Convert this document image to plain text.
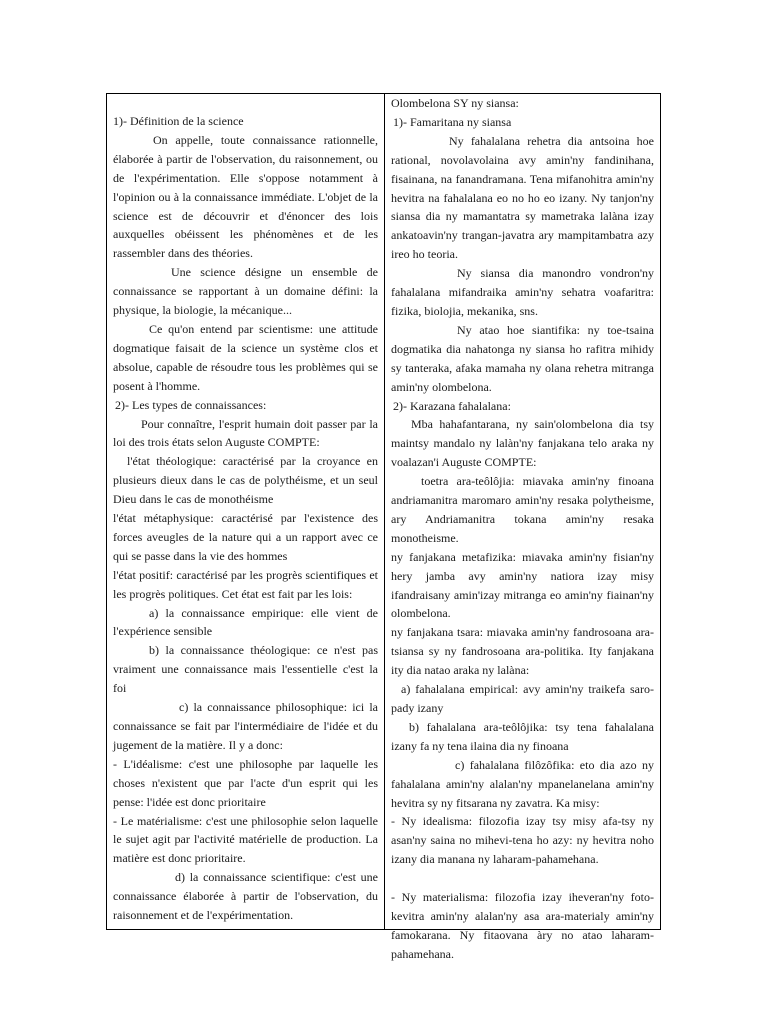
1)- Définition de la science

On appelle, toute connaissance rationnelle, élaborée à partir de l'observation, du raisonnement, ou de l'expérimentation. Elle s'oppose notamment à l'opinion ou à la connaissance immédiate. L'objet de la science est de découvrir et d'énoncer des lois auxquelles obéissent les phénomènes et de les rassembler dans des théories.

Une science désigne un ensemble de connaissance se rapportant à un domaine défini: la physique, la biologie, la mécanique...

Ce qu'on entend par scientisme: une attitude dogmatique faisait de la science un système clos et absolue, capable de résoudre tous les problèmes qui se posent à l'homme.

2)- Les types de connaissances:

Pour connaître, l'esprit humain doit passer par la loi des trois états selon Auguste COMPTE:

l'état théologique: caractérisé par la croyance en plusieurs dieux dans le cas de polythéisme, et un seul Dieu dans le cas de monothéisme

l'état métaphysique: caractérisé par l'existence des forces aveugles de la nature qui a un rapport avec ce qui se passe dans la vie des hommes

l'état positif: caractérisé par les progrès scientifiques et les progrès politiques. Cet état est fait par les lois:

a) la connaissance empirique: elle vient de l'expérience sensible

b) la connaissance théologique: ce n'est pas vraiment une connaissance mais l'essentielle c'est la foi

c) la connaissance philosophique: ici la connaissance se fait par l'intermédiaire de l'idée et du jugement de la matière. Il y a donc:

- L'idéalisme: c'est une philosophe par laquelle les choses n'existent que par l'acte d'un esprit qui les pense: l'idée est donc prioritaire

- Le matérialisme: c'est une philosophie selon laquelle le sujet agit par l'activité matérielle de production. La matière est donc prioritaire.

d) la connaissance scientifique: c'est une connaissance élaborée à partir de l'observation, du raisonnement et de l'expérimentation.

Olombelona SY ny siansa:

1)- Famaritana ny siansa

Ny fahalalana rehetra dia antsoina hoe rational, novolavolaina avy amin'ny fandinihana, fisainana, na fanandramana. Tena mifanohitra amin'ny hevitra na fahalalana eo no ho eo izany. Ny tanjon'ny siansa dia ny mamantatra sy mametraka lalàna izay ankatoavin'ny trangan-javatra ary mampitambatra azy ireo ho teoria.

Ny siansa dia manondro vondron'ny fahalalana mifandraika amin'ny sehatra voafaritra: fizika, biolojia, mekanika, sns.

Ny atao hoe siantifika: ny toe-tsaina dogmatika dia nahatonga ny siansa ho rafitra mihidy sy tanteraka, afaka mamaha ny olana rehetra mitranga amin'ny olombelona.

2)- Karazana fahalalana:

Mba hahafantarana, ny sain'olombelona dia tsy maintsy mandalo ny lalàn'ny fanjakana telo araka ny voalazan'i Auguste COMPTE:

toetra ara-teôlôjia: miavaka amin'ny finoana andriamanitra maromaro amin'ny resaka polytheisme, ary Andriamanitra tokana amin'ny resaka monotheisme.

ny fanjakana metafizika: miavaka amin'ny fisian'ny hery jamba avy amin'ny natiora izay misy ifandraisany amin'izay mitranga eo amin'ny fiainan'ny olombelona.

ny fanjakana tsara: miavaka amin'ny fandrosoana ara-tsiansa sy ny fandrosoana ara-politika. Ity fanjakana ity dia natao araka ny lalàna:

a) fahalalana empirical: avy amin'ny traikefa saro-pady izany

b) fahalalana ara-teôlôjika: tsy tena fahalalana izany fa ny tena ilaina dia ny finoana

c) fahalalana filôzôfika: eto dia azo ny fahalalana amin'ny alalan'ny mpanelanelana amin'ny hevitra sy ny fitsarana ny zavatra. Ka misy:

- Ny idealisma: filozofia izay tsy misy afa-tsy ny asan'ny saina no mihevi-tena ho azy: ny hevitra noho izany dia manana ny laharam-pahamehana.

- Ny materialisma: filozofia izay iheveran'ny foto-kevitra amin'ny alalan'ny asa ara-materialy amin'ny famokarana. Ny fitaovana àry no atao laharam-pahamehana.
